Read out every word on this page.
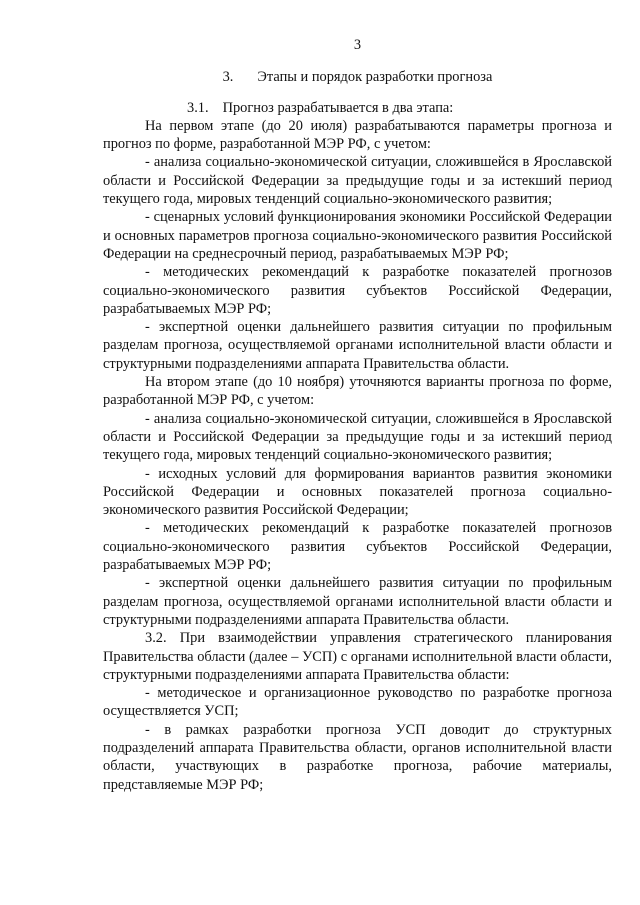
3
3. Этапы и порядок разработки прогноза

3.1. Прогноз разрабатывается в два этапа:

На первом этапе (до 20 июля) разрабатываются параметры прогноза и прогноз по форме, разработанной МЭР РФ, с учетом:

- анализа социально-экономической ситуации, сложившейся в Ярославской области и Российской Федерации за предыдущие годы и за истекший период текущего года, мировых тенденций социально-экономического развития;

- сценарных условий функционирования экономики Российской Федерации и основных параметров прогноза социально-экономического развития Российской Федерации на среднесрочный период, разрабатываемых МЭР РФ;

- методических рекомендаций к разработке показателей прогнозов социально-экономического развития субъектов Российской Федерации, разрабатываемых МЭР РФ;

- экспертной оценки дальнейшего развития ситуации по профильным разделам прогноза, осуществляемой органами исполнительной власти области и структурными подразделениями аппарата Правительства области.

На втором этапе (до 10 ноября) уточняются варианты прогноза по форме, разработанной МЭР РФ, с учетом:

- анализа социально-экономической ситуации, сложившейся в Ярославской области и Российской Федерации за предыдущие годы и за истекший период текущего года, мировых тенденций социально-экономического развития;

- исходных условий для формирования вариантов развития экономики Российской Федерации и основных показателей прогноза социально-экономического развития Российской Федерации;

- методических рекомендаций к разработке показателей прогнозов социально-экономического развития субъектов Российской Федерации, разрабатываемых МЭР РФ;

- экспертной оценки дальнейшего развития ситуации по профильным разделам прогноза, осуществляемой органами исполнительной власти области и структурными подразделениями аппарата Правительства области.

3.2. При взаимодействии управления стратегического планирования Правительства области (далее – УСП) с органами исполнительной власти области, структурными подразделениями аппарата Правительства области:

- методическое и организационное руководство по разработке прогноза осуществляется УСП;

- в рамках разработки прогноза УСП доводит до структурных подразделений аппарата Правительства области, органов исполнительной власти области, участвующих в разработке прогноза, рабочие материалы, представляемые МЭР РФ;
